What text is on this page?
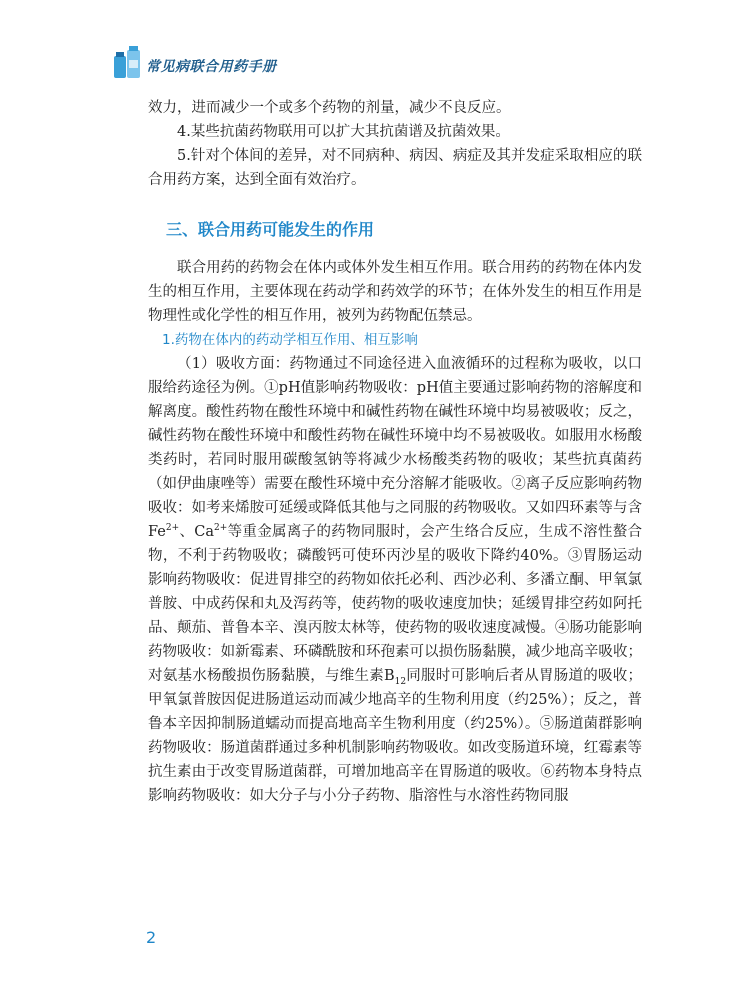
常见病联合用药手册

效力，进而减少一个或多个药物的剂量，减少不良反应。

4.某些抗菌药物联用可以扩大其抗菌谱及抗菌效果。

5.针对个体间的差异，对不同病种、病因、病症及其并发症采取相应的联合用药方案，达到全面有效治疗。

三、联合用药可能发生的作用

联合用药的药物会在体内或体外发生相互作用。联合用药的药物在体内发生的相互作用，主要体现在药动学和药效学的环节；在体外发生的相互作用是物理性或化学性的相互作用，被列为药物配伍禁忌。

1.药物在体内的药动学相互作用、相互影响

（1）吸收方面：药物通过不同途径进入血液循环的过程称为吸收，以口服给药途径为例。①pH值影响药物吸收：pH值主要通过影响药物的溶解度和解离度。酸性药物在酸性环境中和碱性药物在碱性环境中均易被吸收；反之，碱性药物在酸性环境中和酸性药物在碱性环境中均不易被吸收。如服用水杨酸类药时，若同时服用碳酸氢钠等将减少水杨酸类药物的吸收；某些抗真菌药（如伊曲康唑等）需要在酸性环境中充分溶解才能吸收。②离子反应影响药物吸收：如考来烯胺可延缓或降低其他与之同服的药物吸收。又如四环素等与含$Fe^{2+}$、$Ca^{2+}$等重金属离子的药物同服时，会产生络合反应，生成不溶性螯合物，不利于药物吸收；磷酸钙可使环丙沙星的吸收下降约40%。③胃肠运动影响药物吸收：促进胃排空的药物如依托必利、西沙必利、多潘立酮、甲氧氯普胺、中成药保和丸及泻药等，使药物的吸收速度加快；延缓胃排空药如阿托品、颠茄、普鲁本辛、溴丙胺太林等，使药物的吸收速度减慢。④肠功能影响药物吸收：如新霉素、环磷酰胺和环孢素可以损伤肠黏膜，减少地高辛吸收；对氨基水杨酸损伤肠黏膜，与维生素$B_{12}$同服时可影响后者从胃肠道的吸收；甲氧氯普胺因促进肠道运动而减少地高辛的生物利用度（约25%）；反之，普鲁本辛因抑制肠道蠕动而提高地高辛生物利用度（约25%）。⑤肠道菌群影响药物吸收：肠道菌群通过多种机制影响药物吸收。如改变肠道环境，红霉素等抗生素由于改变胃肠道菌群，可增加地高辛在胃肠道的吸收。⑥药物本身特点影响药物吸收：如大分子与小分子药物、脂溶性与水溶性药物同服

2
